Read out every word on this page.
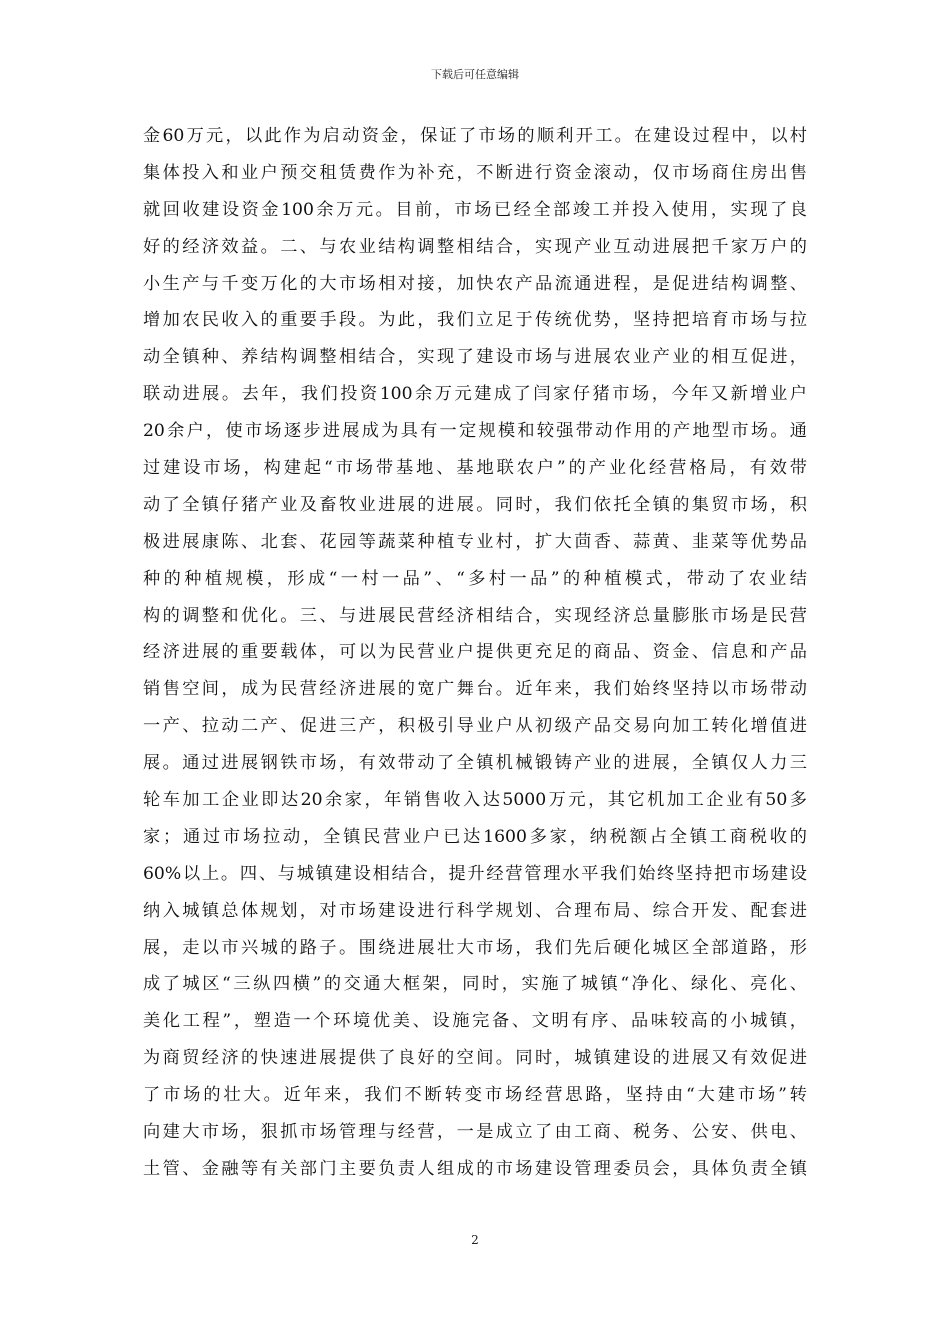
下载后可任意编辑
金60万元，以此作为启动资金，保证了市场的顺利开工。在建设过程中，以村
集体投入和业户预交租赁费作为补充，不断进行资金滚动，仅市场商住房出售
就回收建设资金100余万元。目前，市场已经全部竣工并投入使用，实现了良
好的经济效益。二、与农业结构调整相结合，实现产业互动进展把千家万户的
小生产与千变万化的大市场相对接，加快农产品流通进程，是促进结构调整、
增加农民收入的重要手段。为此，我们立足于传统优势，坚持把培育市场与拉
动全镇种、养结构调整相结合，实现了建设市场与进展农业产业的相互促进，
联动进展。去年，我们投资100余万元建成了闫家仔猪市场，今年又新增业户
20余户，使市场逐步进展成为具有一定规模和较强带动作用的产地型市场。通
过建设市场，构建起“市场带基地、基地联农户”的产业化经营格局，有效带
动了全镇仔猪产业及畜牧业进展的进展。同时，我们依托全镇的集贸市场，积
极进展康陈、北套、花园等蔬菜种植专业村，扩大茴香、蒜黄、韭菜等优势品
种的种植规模，形成“一村一品”、“多村一品”的种植模式，带动了农业结
构的调整和优化。三、与进展民营经济相结合，实现经济总量膨胀市场是民营
经济进展的重要载体，可以为民营业户提供更充足的商品、资金、信息和产品
销售空间，成为民营经济进展的宽广舞台。近年来，我们始终坚持以市场带动
一产、拉动二产、促进三产，积极引导业户从初级产品交易向加工转化增值进
展。通过进展钢铁市场，有效带动了全镇机械锻铸产业的进展，全镇仅人力三
轮车加工企业即达20余家，年销售收入达5000万元，其它机加工企业有50多
家；通过市场拉动，全镇民营业户已达1600多家，纳税额占全镇工商税收的
60%以上。四、与城镇建设相结合，提升经营管理水平我们始终坚持把市场建设
纳入城镇总体规划，对市场建设进行科学规划、合理布局、综合开发、配套进
展，走以市兴城的路子。围绕进展壮大市场，我们先后硬化城区全部道路，形
成了城区“三纵四横”的交通大框架，同时，实施了城镇“净化、绿化、亮化、
美化工程”，塑造一个环境优美、设施完备、文明有序、品味较高的小城镇，
为商贸经济的快速进展提供了良好的空间。同时，城镇建设的进展又有效促进
了市场的壮大。近年来，我们不断转变市场经营思路，坚持由“大建市场”转
向建大市场，狠抓市场管理与经营，一是成立了由工商、税务、公安、供电、
土管、金融等有关部门主要负责人组成的市场建设管理委员会，具体负责全镇
2
